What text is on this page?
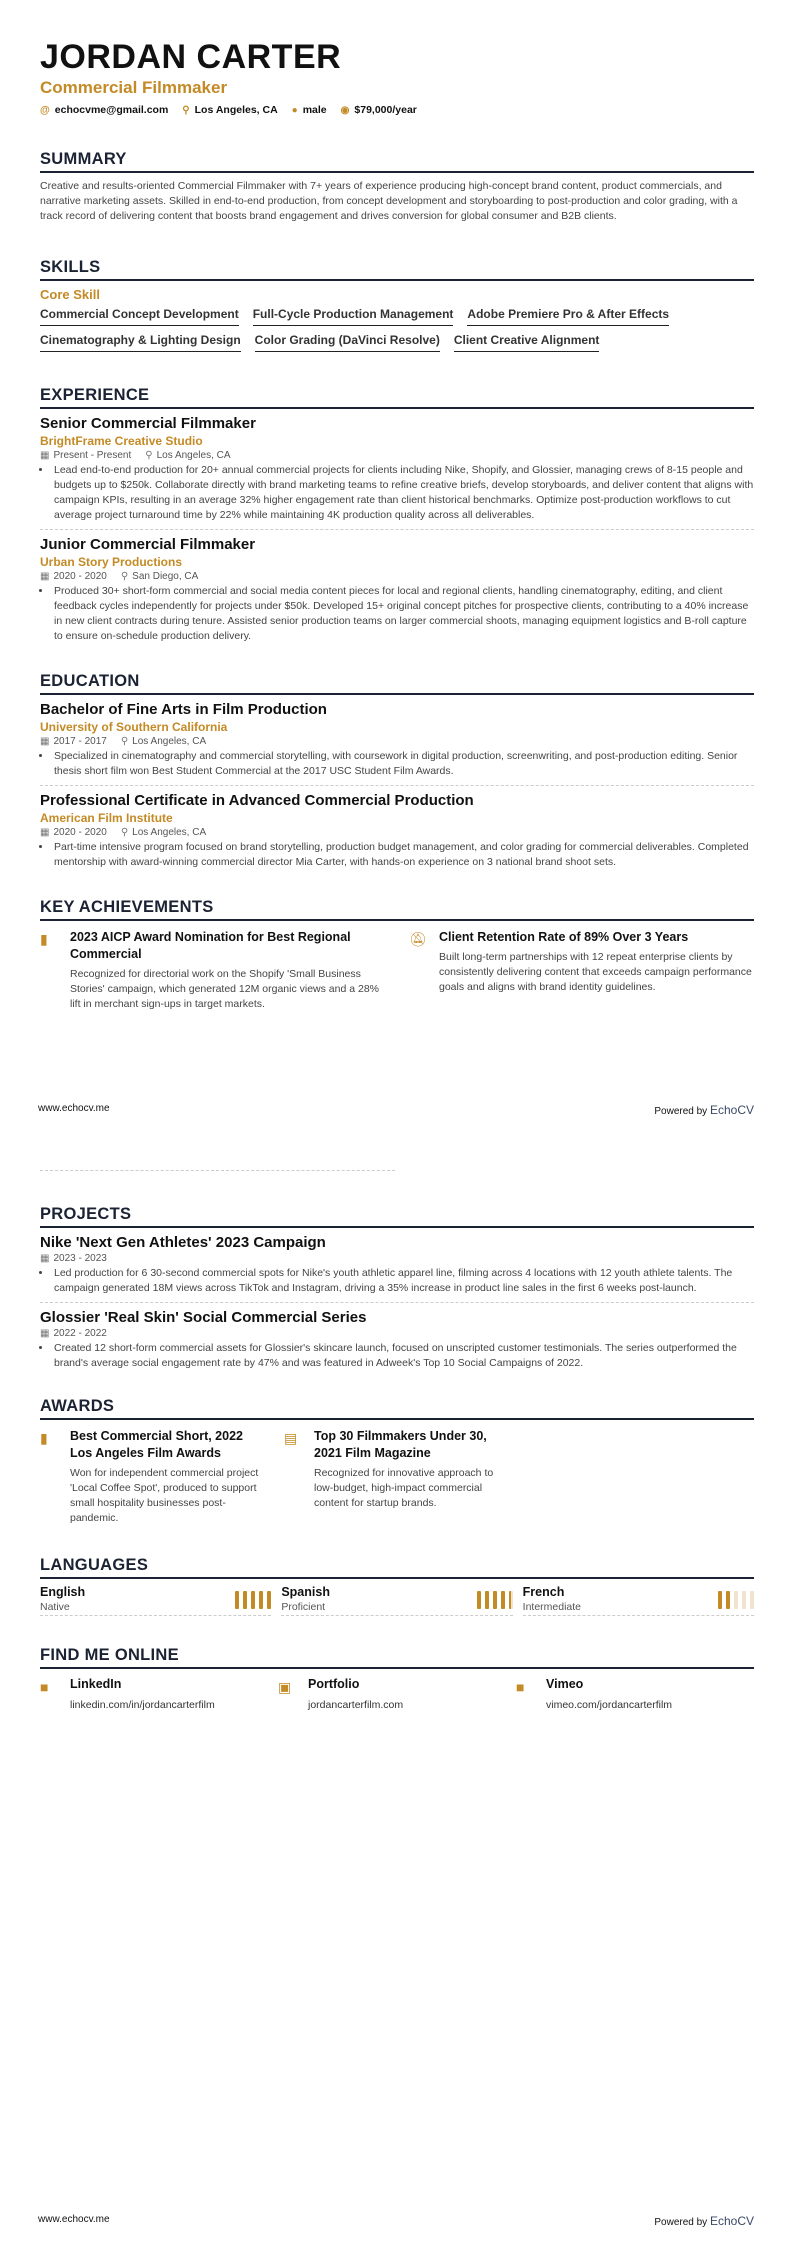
JORDAN CARTER
Commercial Filmmaker
@ echocvme@gmail.com ⚲ Los Angeles, CA ● male ◉ $79,000/year
SUMMARY

Creative and results-oriented Commercial Filmmaker with 7+ years of experience producing high-concept brand content, product commercials, and narrative marketing assets. Skilled in end-to-end production, from concept development and storyboarding to post-production and color grading, with a track record of delivering content that boosts brand engagement and drives conversion for global consumer and B2B clients.

SKILLS
Core Skill
Commercial Concept Development Full-Cycle Production Management Adobe Premiere Pro & After Effects
Cinematography & Lighting Design Color Grading (DaVinci Resolve) Client Creative Alignment
EXPERIENCE
Senior Commercial Filmmaker
BrightFrame Creative Studio
▦ Present - Present ⚲ Los Angeles, CA
• Lead end-to-end production for 20+ annual commercial projects for clients including Nike, Shopify, and Glossier, managing crews of 8-15 people and budgets up to $250k. Collaborate directly with brand marketing teams to refine creative briefs, develop storyboards, and deliver content that aligns with campaign KPIs, resulting in an average 32% higher engagement rate than client historical benchmarks. Optimize post-production workflows to cut average project turnaround time by 22% while maintaining 4K production quality across all deliverables.
Junior Commercial Filmmaker
Urban Story Productions
▦ 2020 - 2020 ⚲ San Diego, CA
• Produced 30+ short-form commercial and social media content pieces for local and regional clients, handling cinematography, editing, and client feedback cycles independently for projects under $50k. Developed 15+ original concept pitches for prospective clients, contributing to a 40% increase in new client contracts during tenure. Assisted senior production teams on larger commercial shoots, managing equipment logistics and B-roll capture to ensure on-schedule production delivery.
EDUCATION
Bachelor of Fine Arts in Film Production
University of Southern California
▦ 2017 - 2017 ⚲ Los Angeles, CA
• Specialized in cinematography and commercial storytelling, with coursework in digital production, screenwriting, and post-production editing. Senior thesis short film won Best Student Commercial at the 2017 USC Student Film Awards.
Professional Certificate in Advanced Commercial Production
American Film Institute
▦ 2020 - 2020 ⚲ Los Angeles, CA
• Part-time intensive program focused on brand storytelling, production budget management, and color grading for commercial deliverables. Completed mentorship with award-winning commercial director Mia Carter, with hands-on experience on 3 national brand shoot sets.
KEY ACHIEVEMENTS
▮	2023 AICP Award Nomination for Best Regional Commercial
Recognized for directorial work on the Shopify 'Small Business Stories' campaign, which generated 12M organic views and a 28% lift in merchant sign-ups in target markets.
🔕︎ Client Retention Rate of 89% Over 3 Years
Built long-term partnerships with 12 repeat enterprise clients by consistently delivering content that exceeds campaign performance goals and aligns with brand identity guidelines.
www.echocv.me	Powered by EchoCV
PROJECTS
Nike 'Next Gen Athletes' 2023 Campaign
▦ 2023 - 2023
• Led production for 6 30-second commercial spots for Nike's youth athletic apparel line, filming across 4 locations with 12 youth athlete talents. The campaign generated 18M views across TikTok and Instagram, driving a 35% increase in product line sales in the first 6 weeks post-launch.
Glossier 'Real Skin' Social Commercial Series
▦ 2022 - 2022
• Created 12 short-form commercial assets for Glossier's skincare launch, focused on unscripted customer testimonials. The series outperformed the brand's average social engagement rate by 47% and was featured in Adweek's Top 10 Social Campaigns of 2022.
AWARDS
▮	Best Commercial Short, 2022 Los Angeles Film Awards
Won for independent commercial project 'Local Coffee Spot', produced to support small hospitality businesses post-pandemic.
▤ Top 30 Filmmakers Under 30, 2021 Film Magazine
Recognized for innovative approach to low-budget, high-impact commercial content for startup brands.
LANGUAGES
English
Native
Spanish
Proficient
French
Intermediate
FIND ME ONLINE
■	LinkedIn
linkedin.com/in/jordancarterfilm
▣ Portfolio
jordancarterfilm.com
■	Vimeo
vimeo.com/jordancarterfilm
www.echocv.me	Powered by EchoCV
